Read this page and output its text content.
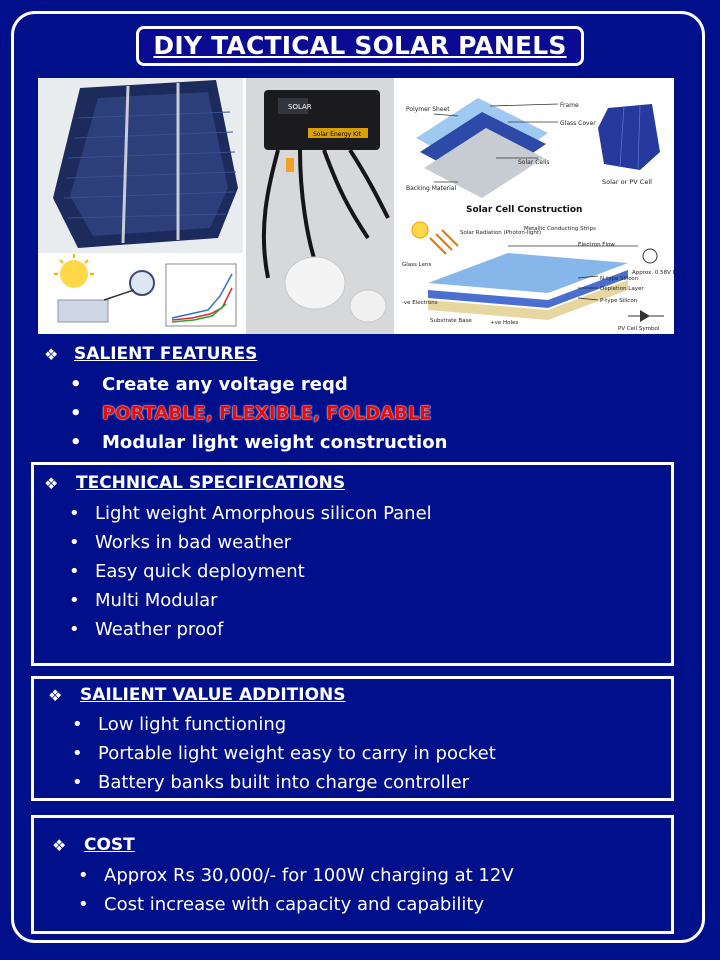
DIY TACTICAL SOLAR PANELS
SOLAR
Solar Energy Kit
Frame
Glass Cover
Polymer Sheet
Solar Cells
Backing Material
Solar or PV Cell
Solar Cell Construction
Solar Radiation (Photon-light)
Metallic Conducting Strips
Electron Flow
Approx. 0.58V DC
Glass Lens
N-type Silicon
Depletion Layer
P-type Silicon
-ve Electrons
Substrate Base	+ve Holes
PV Cell Symbol
❖ SALIENT FEATURES
• Create any voltage reqd
• PORTABLE, FLEXIBLE, FOLDABLE
• Modular light weight construction
❖ TECHNICAL SPECIFICATIONS
• Light weight Amorphous silicon Panel
• Works in bad weather
• Easy quick deployment
• Multi Modular
• Weather proof
❖ SAILIENT VALUE ADDITIONS
• Low light functioning
• Portable light weight easy to carry in pocket
• Battery banks built into charge controller
❖ COST
• Approx Rs 30,000/- for 100W charging at 12V
• Cost increase with capacity and capability
